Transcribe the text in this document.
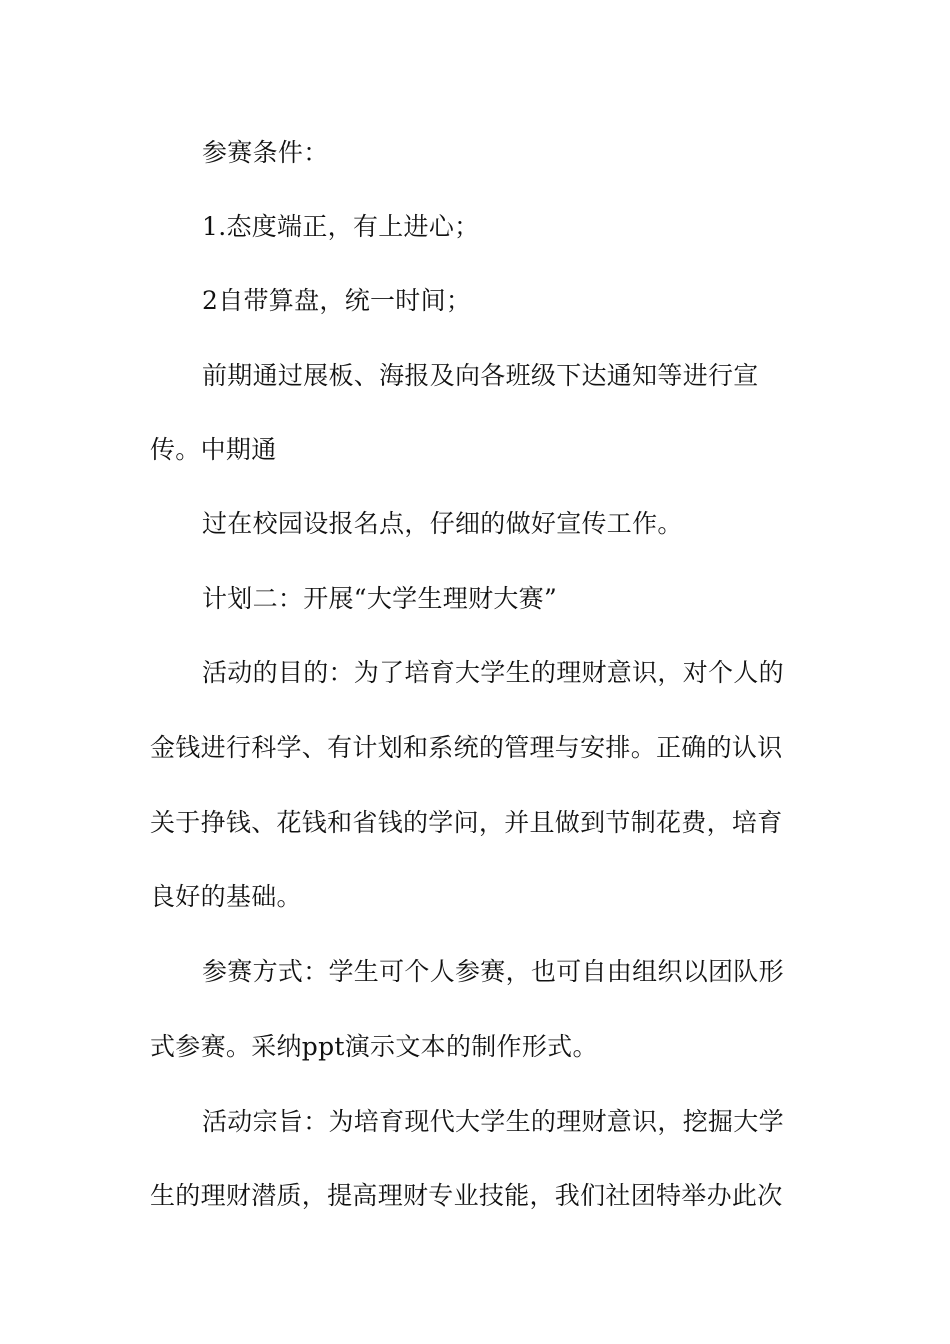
参赛条件：
1.态度端正，有上进心；
2自带算盘，统一时间；
前期通过展板、海报及向各班级下达通知等进行宣
传。中期通
过在校园设报名点，仔细的做好宣传工作。
计划二：开展“大学生理财大赛”
活动的目的：为了培育大学生的理财意识，对个人的
金钱进行科学、有计划和系统的管理与安排。正确的认识
关于挣钱、花钱和省钱的学问，并且做到节制花费，培育
良好的基础。
参赛方式：学生可个人参赛，也可自由组织以团队形
式参赛。采纳ppt演示文本的制作形式。
活动宗旨：为培育现代大学生的理财意识，挖掘大学
生的理财潜质，提高理财专业技能，我们社团特举办此次
